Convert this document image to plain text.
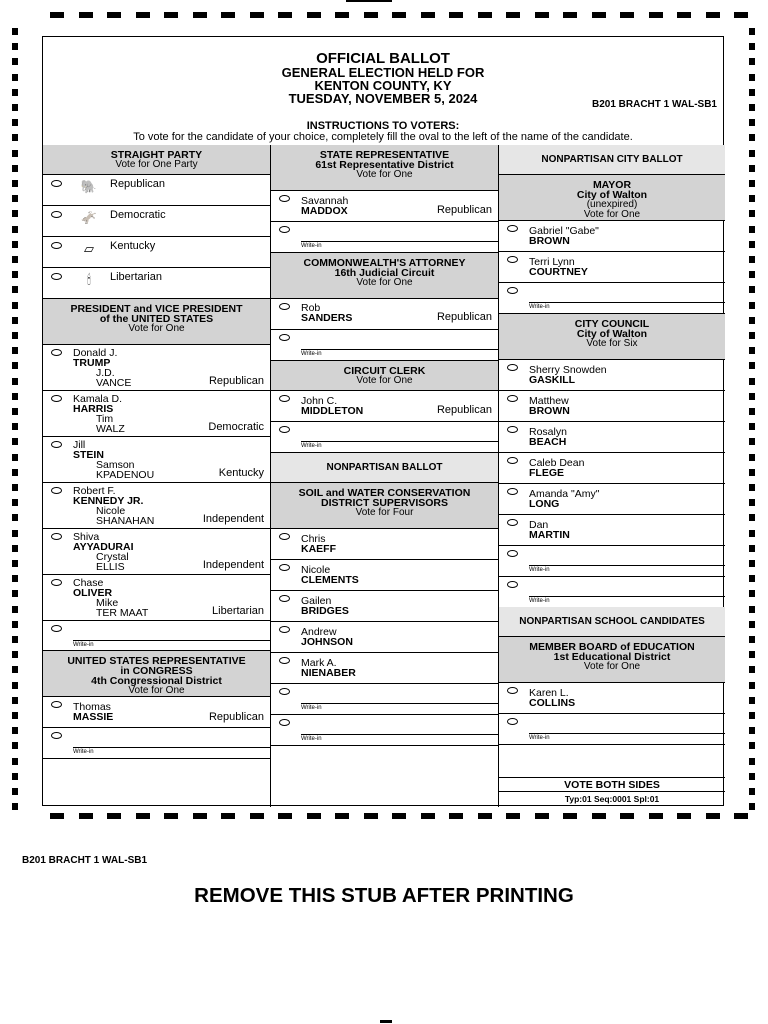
OFFICIAL BALLOT
GENERAL ELECTION HELD FOR
KENTON COUNTY, KY
TUESDAY, NOVEMBER 5, 2024	B201 BRACHT 1 WAL-SB1
INSTRUCTIONS TO VOTERS:
To vote for the candidate of your choice, completely fill the oval to the left of the name of the candidate.
STRAIGHT PARTY
Vote for One Party
🐘 Republican
🫏 Democratic
▱	Kentucky
🕯	Libertarian
PRESIDENT and VICE PRESIDENT
of the UNITED STATES
Vote for One
Donald J.
TRUMP
J.D.
VANCE	Republican
Kamala D.
HARRIS
Tim
WALZ	Democratic
Jill
STEIN
Samson
KPADENOU	Kentucky
Robert F.
KENNEDY JR.
Nicole
SHANAHAN	Independent
Shiva
AYYADURAI
Crystal
ELLIS	Independent
Chase
OLIVER
Mike
TER MAAT	Libertarian
Write-in
UNITED STATES REPRESENTATIVE
in CONGRESS
4th Congressional District
Vote for One
Thomas
MASSIE	Republican
Write-in
STATE REPRESENTATIVE
61st Representative District
Vote for One
Savannah
MADDOX	Republican
Write-in
COMMONWEALTH'S ATTORNEY
16th Judicial Circuit
Vote for One
Rob
SANDERS	Republican
Write-in
CIRCUIT CLERK
Vote for One
John C.
MIDDLETON	Republican
Write-in
NONPARTISAN BALLOT
SOIL and WATER CONSERVATION
DISTRICT SUPERVISORS
Vote for Four
Chris
KAEFF
Nicole
CLEMENTS
Gailen
BRIDGES
Andrew
JOHNSON
Mark A.
NIENABER
Write-in
Write-in
NONPARTISAN CITY BALLOT
MAYOR
City of Walton
(unexpired)
Vote for One
Gabriel "Gabe"
BROWN
Terri Lynn
COURTNEY
Write-in
CITY COUNCIL
City of Walton
Vote for Six
Sherry Snowden
GASKILL
Matthew
BROWN
Rosalyn
BEACH
Caleb Dean
FLEGE
Amanda "Amy"
LONG
Dan
MARTIN
Write-in
Write-in
NONPARTISAN SCHOOL CANDIDATES
MEMBER BOARD of EDUCATION
1st Educational District
Vote for One
Karen L.
COLLINS
Write-in
VOTE BOTH SIDES
Typ:01 Seq:0001 Spl:01
B201 BRACHT 1 WAL-SB1
REMOVE THIS STUB AFTER PRINTING
